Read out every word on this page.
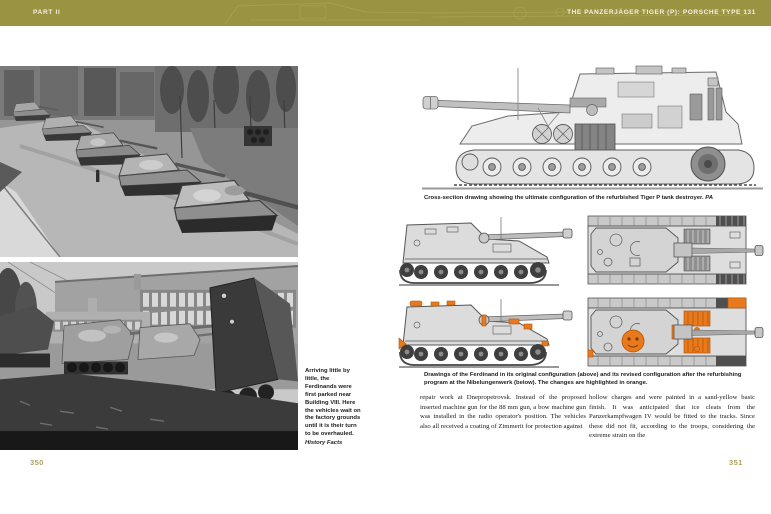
PART II	THE PANZERJÄGER TIGER (P): PORSCHE TYPE 131
Arriving little by little, the Ferdinands were first parked near Building VIII. Here the vehicles wait on the factory grounds until it is their turn to be overhauled.
History Facts
350

Cross-section drawing showing the ultimate configuration of the refurbished Tiger P tank destroyer. PA

Drawings of the Ferdinand in its original configuration (above) and its revised configuration after the refurbishing program at the Nibelungenwerk (below). The changes are highlighted in orange.

repair work at Dnepropetrovsk. Instead of the proposed inserted machine gun for the 88 mm gun, a bow machine gun was installed in the radio operator's position. The vehicles also all received a coating of Zimmerit for protection against
hollow charges and were painted in a sand-yellow basic finish. It was anticipated that ice cleats from the Panzerkampfwagen IV would be fitted to the tracks. Since these did not fit, according to the troops, considering the extreme strain on the
351
